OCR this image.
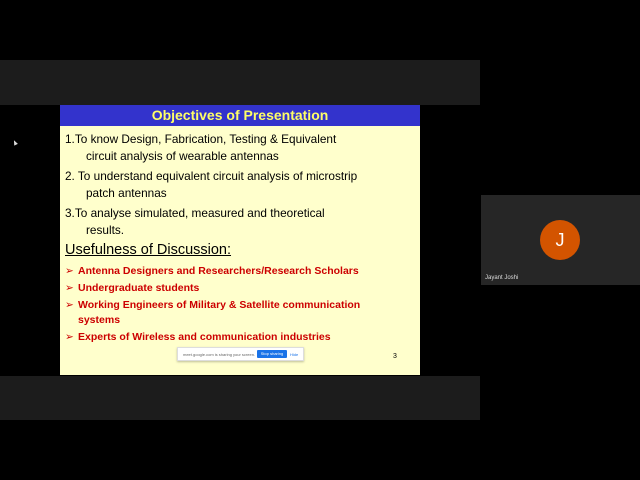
Objectives of Presentation
1.To know Design, Fabrication, Testing & Equivalent
circuit analysis of wearable antennas
2. To understand equivalent circuit analysis of microstrip
patch antennas
3.To analyse simulated, measured and theoretical
results.
Usefulness of Discussion:
➢ Antenna Designers and Researchers/Research Scholars
➢ Undergraduate students
➢ Working Engineers of Military & Satellite communication
systems
➢ Experts of Wireless and communication industries
meet.google.com is sharing your screen.	Stop sharing	Hide	3
J
Jayant Joshi
